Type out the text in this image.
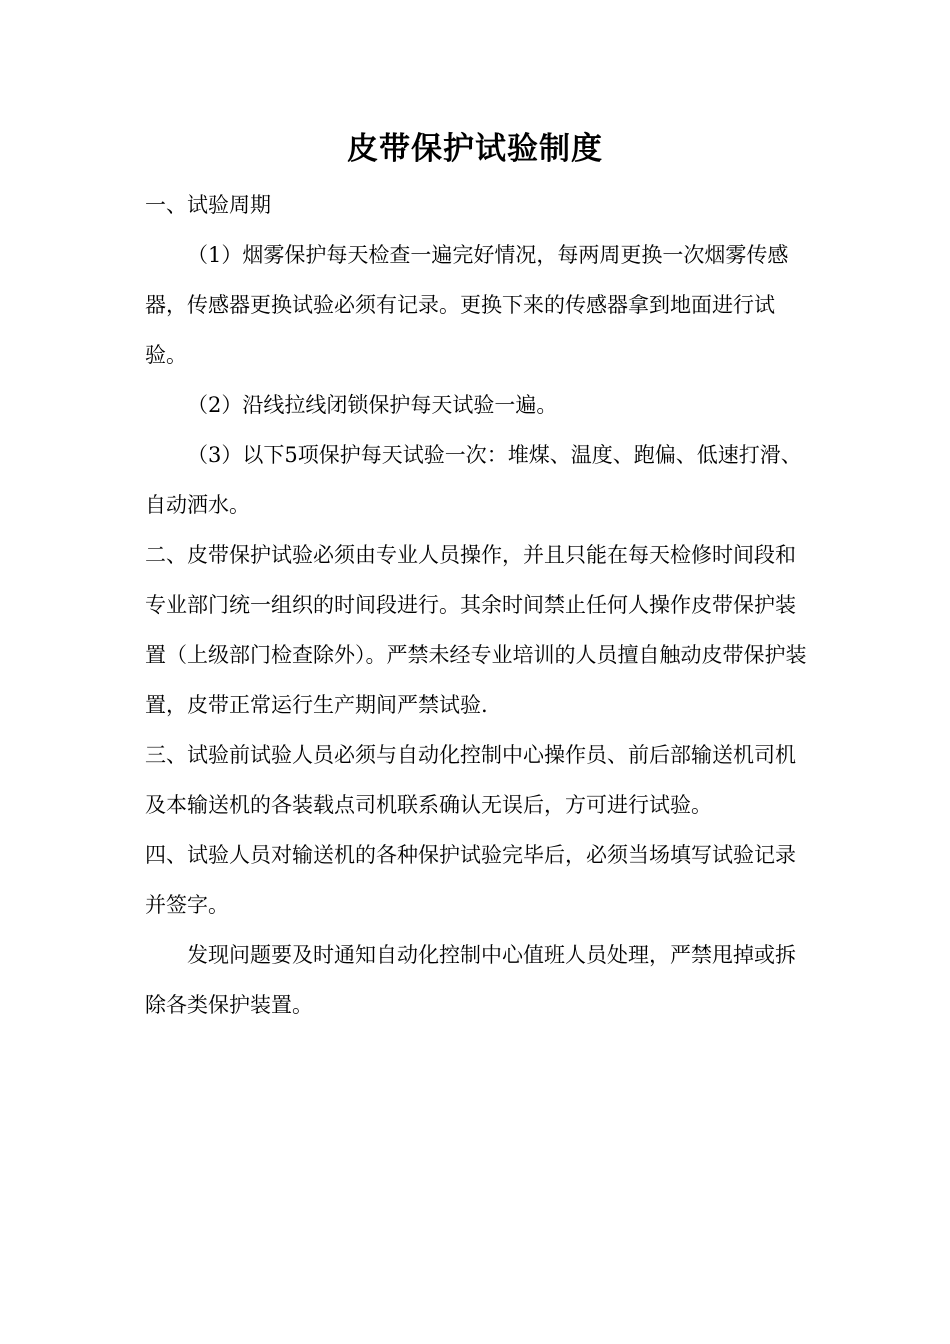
皮带保护试验制度

一、试验周期

（1）烟雾保护每天检查一遍完好情况，每两周更换一次烟雾传感器，传感器更换试验必须有记录。更换下来的传感器拿到地面进行试验。

（2）沿线拉线闭锁保护每天试验一遍。

（3）以下5项保护每天试验一次：堆煤、温度、跑偏、低速打滑、自动洒水。

二、皮带保护试验必须由专业人员操作，并且只能在每天检修时间段和专业部门统一组织的时间段进行。其余时间禁止任何人操作皮带保护装置（上级部门检查除外）。严禁未经专业培训的人员擅自触动皮带保护装置，皮带正常运行生产期间严禁试验.

三、试验前试验人员必须与自动化控制中心操作员、前后部输送机司机及本输送机的各装载点司机联系确认无误后，方可进行试验。

四、试验人员对输送机的各种保护试验完毕后，必须当场填写试验记录并签字。

发现问题要及时通知自动化控制中心值班人员处理，严禁甩掉或拆除各类保护装置。
